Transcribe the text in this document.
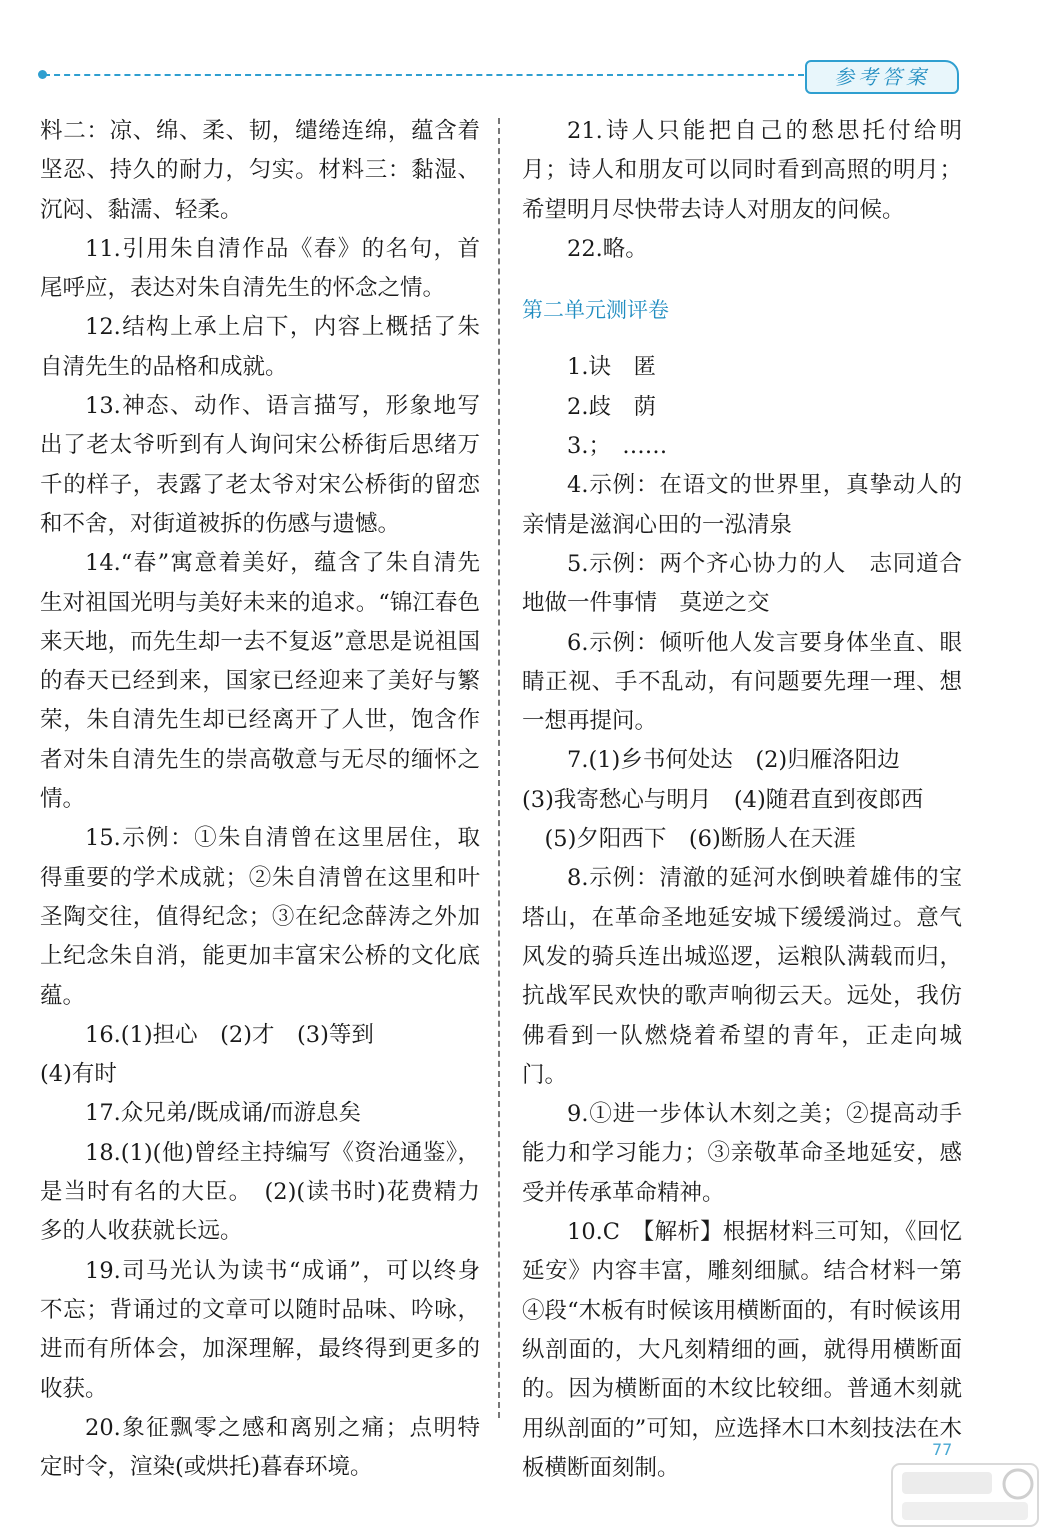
参考答案

料二：凉、绵、柔、韧，缱绻连绵，蕴含着坚忍、持久的耐力，匀实。材料三：黏湿、沉闷、黏濡、轻柔。

11.引用朱自清作品《春》的名句，首尾呼应，表达对朱自清先生的怀念之情。

12.结构上承上启下，内容上概括了朱自清先生的品格和成就。

13.神态、动作、语言描写，形象地写出了老太爷听到有人询问宋公桥街后思绪万千的样子，表露了老太爷对宋公桥街的留恋和不舍，对街道被拆的伤感与遗憾。

14.“春”寓意着美好，蕴含了朱自清先生对祖国光明与美好未来的追求。“锦江春色来天地，而先生却一去不复返”意思是说祖国的春天已经到来，国家已经迎来了美好与繁荣，朱自清先生却已经离开了人世，饱含作者对朱自清先生的崇高敬意与无尽的缅怀之情。

15.示例：①朱自清曾在这里居住，取得重要的学术成就；②朱自清曾在这里和叶圣陶交往，值得纪念；③在纪念薛涛之外加上纪念朱自消，能更加丰富宋公桥的文化底蕴。

16.(1)担心　(2)才　(3)等到

(4)有时

17.众兄弟/既成诵/而游息矣

18.(1)(他)曾经主持编写《资治通鉴》，是当时有名的大臣。　(2)(读书时)花费精力多的人收获就长远。

19.司马光认为读书“成诵”，可以终身不忘；背诵过的文章可以随时品味、吟咏，进而有所体会，加深理解，最终得到更多的收获。

20.象征飘零之感和离别之痛；点明特定时令，渲染(或烘托)暮春环境。

21.诗人只能把自己的愁思托付给明月；诗人和朋友可以同时看到高照的明月；希望明月尽快带去诗人对朋友的问候。

22.略。

第二单元测评卷

1.诀　匿

2.歧　荫

3.；　……

4.示例：在语文的世界里，真挚动人的亲情是滋润心田的一泓清泉

5.示例：两个齐心协力的人　志同道合地做一件事情　莫逆之交

6.示例：倾听他人发言要身体坐直、眼睛正视、手不乱动，有问题要先理一理、想一想再提问。

7.(1)乡书何处达　(2)归雁洛阳边

(3)我寄愁心与明月　(4)随君直到夜郎西

　(5)夕阳西下　(6)断肠人在天涯

8.示例：清澈的延河水倒映着雄伟的宝塔山，在革命圣地延安城下缓缓淌过。意气风发的骑兵连出城巡逻，运粮队满载而归，抗战军民欢快的歌声响彻云天。远处，我仿佛看到一队燃烧着希望的青年，正走向城门。

9.①进一步体认木刻之美；②提高动手能力和学习能力；③亲敬革命圣地延安，感受并传承革命精神。

10.C　【解析】根据材料三可知，《回忆延安》内容丰富，雕刻细腻。结合材料一第④段“木板有时候该用横断面的，有时候该用纵剖面的，大凡刻精细的画，就得用横断面的。因为横断面的木纹比较细。普通木刻就用纵剖面的”可知，应选择木口木刻技法在木板横断面刻制。

77
